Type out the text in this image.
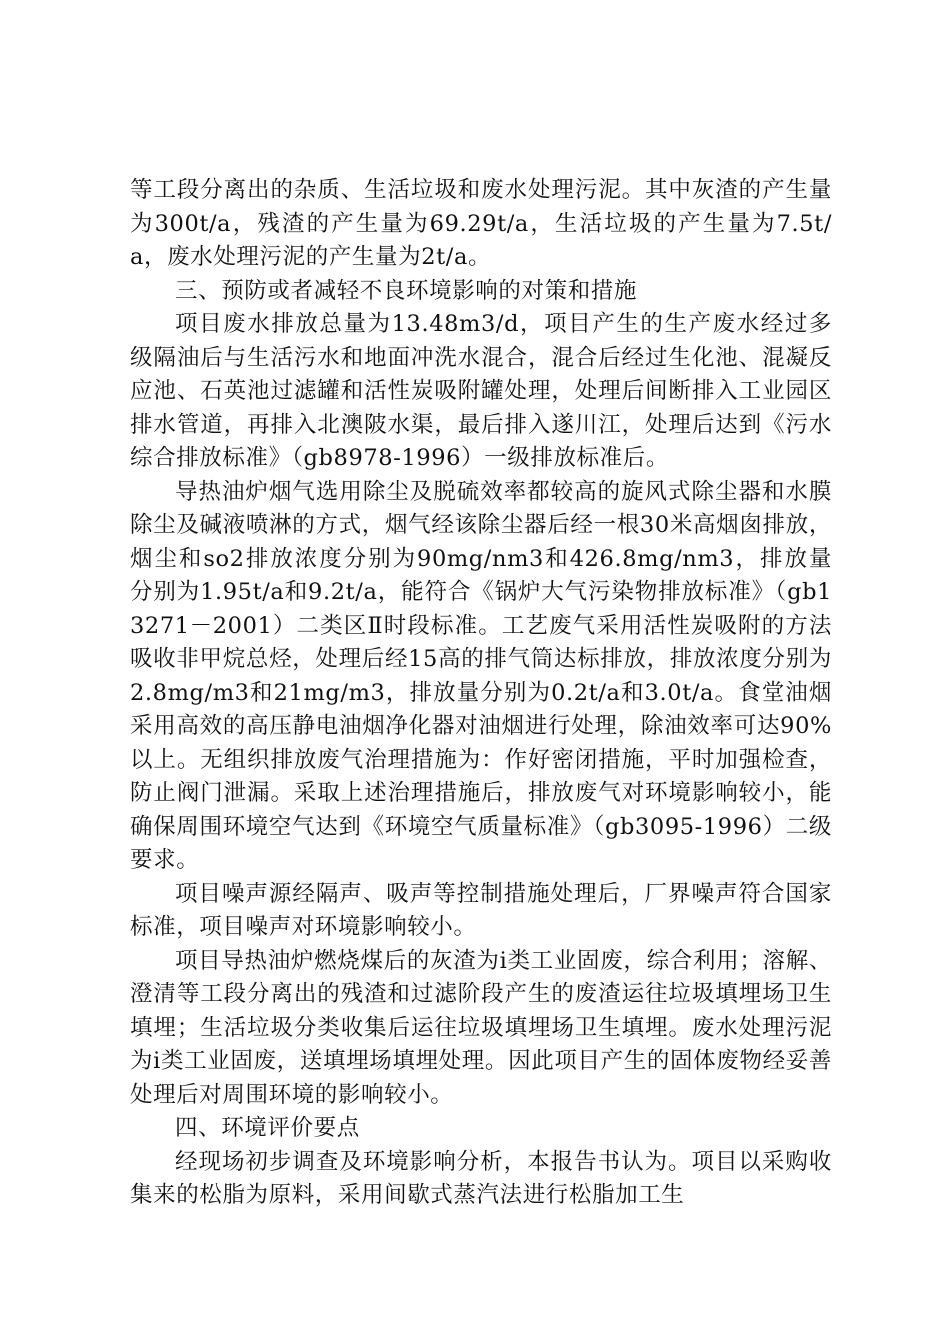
等工段分离出的杂质、生活垃圾和废水处理污泥。其中灰渣的产生量为300t/a，残渣的产生量为69.29t/a，生活垃圾的产生量为7.5t/a，废水处理污泥的产生量为2t/a。

三、预防或者减轻不良环境影响的对策和措施

项目废水排放总量为13.48m3/d，项目产生的生产废水经过多级隔油后与生活污水和地面冲洗水混合，混合后经过生化池、混凝反应池、石英池过滤罐和活性炭吸附罐处理，处理后间断排入工业园区排水管道，再排入北澳陂水渠，最后排入遂川江，处理后达到《污水综合排放标准》（gb8978-1996）一级排放标准后。

导热油炉烟气选用除尘及脱硫效率都较高的旋风式除尘器和水膜除尘及碱液喷淋的方式，烟气经该除尘器后经一根30米高烟囱排放，烟尘和so2排放浓度分别为90mg/nm3和426.8mg/nm3，排放量分别为1.95t/a和9.2t/a，能符合《锅炉大气污染物排放标准》（gb13271－2001）二类区Ⅱ时段标准。工艺废气采用活性炭吸附的方法吸收非甲烷总烃，处理后经15高的排气筒达标排放，排放浓度分别为2.8mg/m3和21mg/m3，排放量分别为0.2t/a和3.0t/a。食堂油烟采用高效的高压静电油烟净化器对油烟进行处理，除油效率可达90%以上。无组织排放废气治理措施为：作好密闭措施，平时加强检查，防止阀门泄漏。采取上述治理措施后，排放废气对环境影响较小，能确保周围环境空气达到《环境空气质量标准》（gb3095-1996）二级要求。

项目噪声源经隔声、吸声等控制措施处理后，厂界噪声符合国家标准，项目噪声对环境影响较小。

项目导热油炉燃烧煤后的灰渣为i类工业固废，综合利用；溶解、澄清等工段分离出的残渣和过滤阶段产生的废渣运往垃圾填埋场卫生填埋；生活垃圾分类收集后运往垃圾填埋场卫生填埋。废水处理污泥为i类工业固废，送填埋场填埋处理。因此项目产生的固体废物经妥善处理后对周围环境的影响较小。

四、环境评价要点

经现场初步调查及环境影响分析，本报告书认为。项目以采购收集来的松脂为原料，采用间歇式蒸汽法进行松脂加工生
